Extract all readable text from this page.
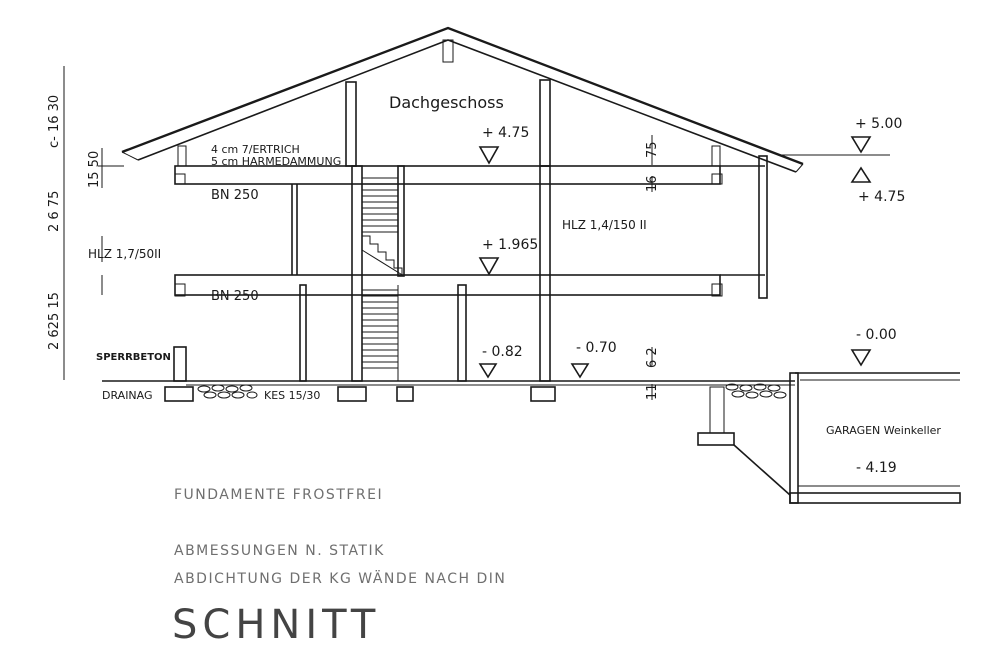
Dachgeschoss
+ 4.75
+ 1.965
- 0.82	- 0.70
- 0.00
+ 5.00
+ 4.75
4 cm 7/ERTRICH
5 cm HARMEDAMMUNG
BN 250
BN 250
HLZ 1,7/50II
HLZ 1,4/150 II
SPERRBETON
DRAINAG	KES 15/30
GARAGEN Weinkeller
- 4.19
c‐ 16 30
15 50
2 6 75
2 625 15
75
16
6 2
11
FUNDAMENTE FROSTFREI
ABMESSUNGEN N. STATIK
ABDICHTUNG DER KG WÄNDE NACH DIN
SCHNITT
